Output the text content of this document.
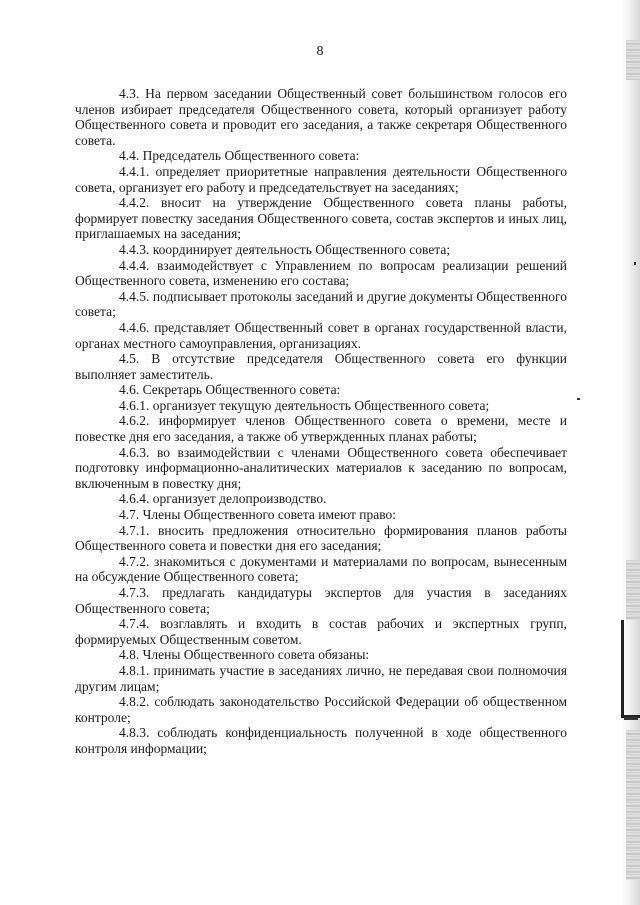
8

4.3. На первом заседании Общественный совет большинством голосов его членов избирает председателя Общественного совета, который организует работу Общественного совета и проводит его заседания, а также секретаря Общественного совета.

4.4. Председатель Общественного совета:

4.4.1. определяет приоритетные направления деятельности Общественного совета, организует его работу и председательствует на заседаниях;

4.4.2. вносит на утверждение Общественного совета планы работы, формирует повестку заседания Общественного совета, состав экспертов и иных лиц, приглашаемых на заседания;

4.4.3. координирует деятельность Общественного совета;

4.4.4. взаимодействует с Управлением по вопросам реализации решений Общественного совета, изменению его состава;

4.4.5. подписывает протоколы заседаний и другие документы Общественного совета;

4.4.6. представляет Общественный совет в органах государственной власти, органах местного самоуправления, организациях.

4.5. В отсутствие председателя Общественного совета его функции выполняет заместитель.

4.6. Секретарь Общественного совета:

4.6.1. организует текущую деятельность Общественного совета;

4.6.2. информирует членов Общественного совета о времени, месте и повестке дня его заседания, а также об утвержденных планах работы;

4.6.3. во взаимодействии с членами Общественного совета обеспечивает подготовку информационно-аналитических материалов к заседанию по вопросам, включенным в повестку дня;

4.6.4. организует делопроизводство.

4.7. Члены Общественного совета имеют право:

4.7.1. вносить предложения относительно формирования планов работы Общественного совета и повестки дня его заседания;

4.7.2. знакомиться с документами и материалами по вопросам, вынесенным на обсуждение Общественного совета;

4.7.3. предлагать кандидатуры экспертов для участия в заседаниях Общественного совета;

4.7.4. возглавлять и входить в состав рабочих и экспертных групп, формируемых Общественным советом.

4.8. Члены Общественного совета обязаны:

4.8.1. принимать участие в заседаниях лично, не передавая свои полномочия другим лицам;

4.8.2. соблюдать законодательство Российской Федерации об общественном контроле;

4.8.3. соблюдать конфиденциальность полученной в ходе общественного контроля информации;
